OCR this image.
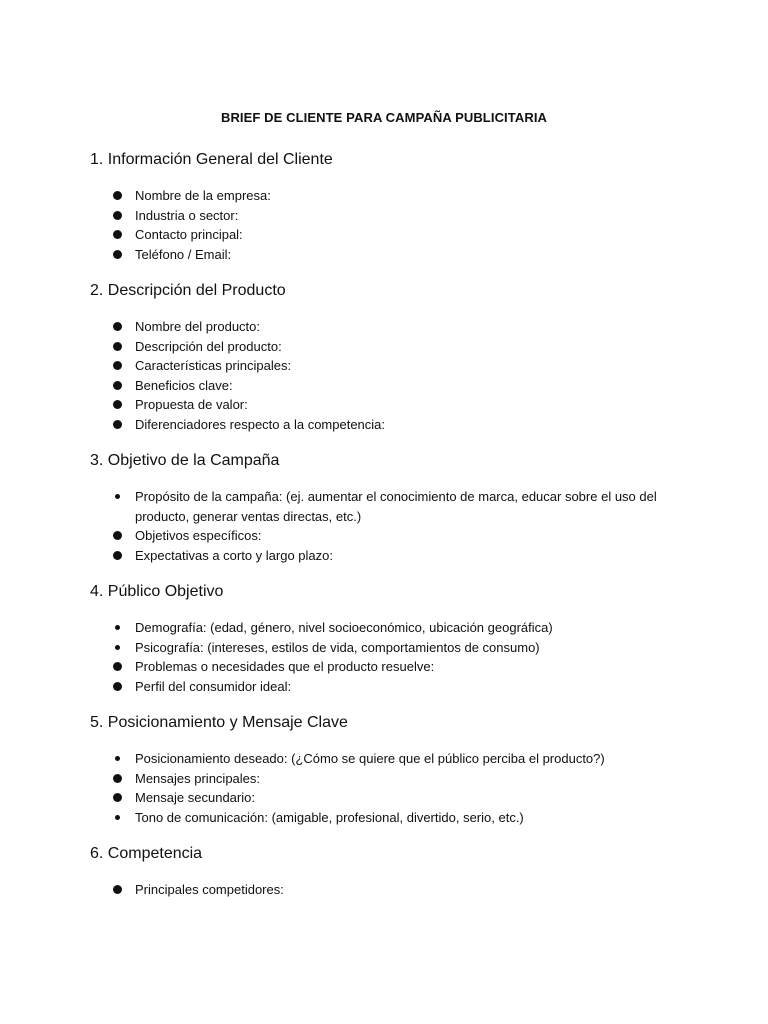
BRIEF DE CLIENTE PARA CAMPAÑA PUBLICITARIA
1. Información General del Cliente
Nombre de la empresa:
Industria o sector:
Contacto principal:
Teléfono / Email:
2. Descripción del Producto
Nombre del producto:
Descripción del producto:
Características principales:
Beneficios clave:
Propuesta de valor:
Diferenciadores respecto a la competencia:
3. Objetivo de la Campaña
Propósito de la campaña: (ej. aumentar el conocimiento de marca, educar sobre el uso del producto, generar ventas directas, etc.)
Objetivos específicos:
Expectativas a corto y largo plazo:
4. Público Objetivo
Demografía: (edad, género, nivel socioeconómico, ubicación geográfica)
Psicografía: (intereses, estilos de vida, comportamientos de consumo)
Problemas o necesidades que el producto resuelve:
Perfil del consumidor ideal:
5. Posicionamiento y Mensaje Clave
Posicionamiento deseado: (¿Cómo se quiere que el público perciba el producto?)
Mensajes principales:
Mensaje secundario:
Tono de comunicación: (amigable, profesional, divertido, serio, etc.)
6. Competencia
Principales competidores:
